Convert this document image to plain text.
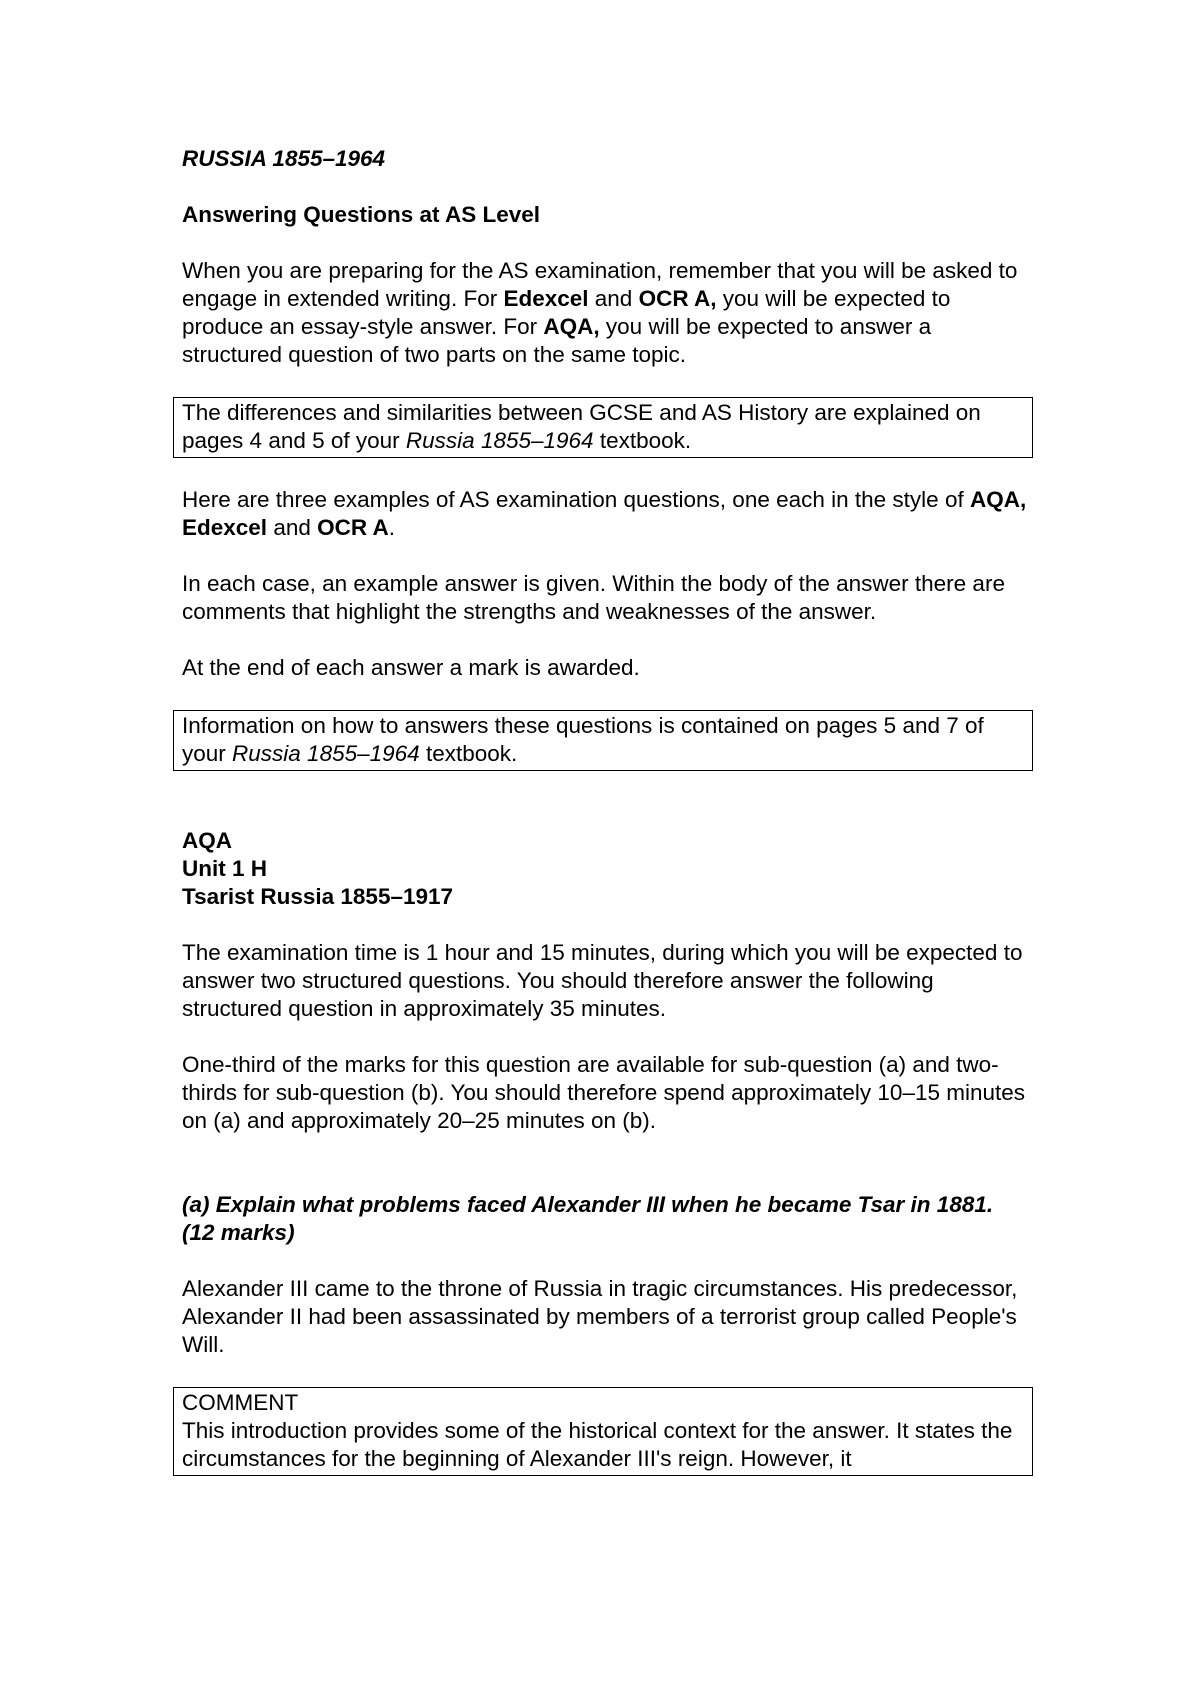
RUSSIA 1855–1964

Answering Questions at AS Level

When you are preparing for the AS examination, remember that you will be asked to engage in extended writing. For Edexcel and OCR A, you will be expected to produce an essay-style answer. For AQA, you will be expected to answer a structured question of two parts on the same topic.

The differences and similarities between GCSE and AS History are explained on pages 4 and 5 of your Russia 1855–1964 textbook.

Here are three examples of AS examination questions, one each in the style of AQA, Edexcel and OCR A.

In each case, an example answer is given. Within the body of the answer there are comments that highlight the strengths and weaknesses of the answer.

At the end of each answer a mark is awarded.

Information on how to answers these questions is contained on pages 5 and 7 of your Russia 1855–1964 textbook.

AQA

Unit 1 H

Tsarist Russia 1855–1917

The examination time is 1 hour and 15 minutes, during which you will be expected to answer two structured questions. You should therefore answer the following structured question in approximately 35 minutes.

One-third of the marks for this question are available for sub-question (a) and two-thirds for sub-question (b). You should therefore spend approximately 10–15 minutes on (a) and approximately 20–25 minutes on (b).

(a) Explain what problems faced Alexander III when he became Tsar in 1881.

(12 marks)

Alexander III came to the throne of Russia in tragic circumstances. His predecessor, Alexander II had been assassinated by members of a terrorist group called People's Will.

COMMENT

This introduction provides some of the historical context for the answer. It states the circumstances for the beginning of Alexander III's reign. However, it
